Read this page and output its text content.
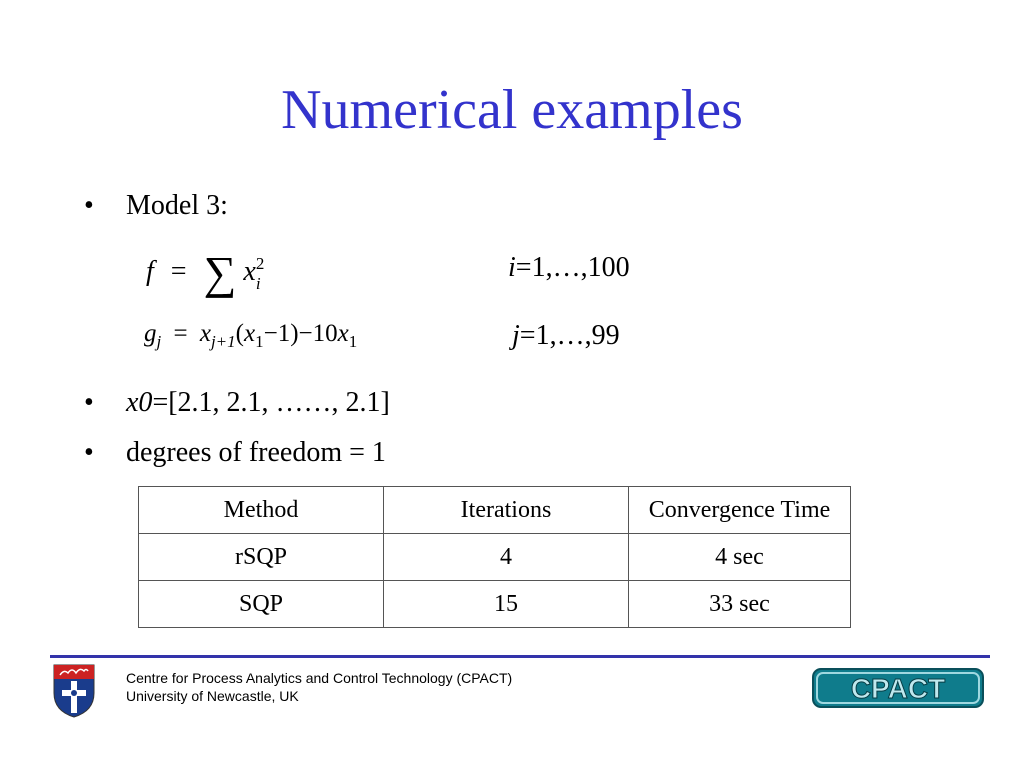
Numerical examples
•	Model 3:
f = ∑ x 2
i
i=1,…,100
$g_j = x_{j+1}(x_1-1)-10x_1$	j=1,…,99
•	x0=[2.1, 2.1, ……, 2.1]
•	degrees of freedom = 1
Method	Iterations	Convergence Time
rSQP	4	4 sec
SQP	15	33 sec
Centre for Process Analytics and Control Technology (CPACT)
University of Newcastle, UK	CPACT
